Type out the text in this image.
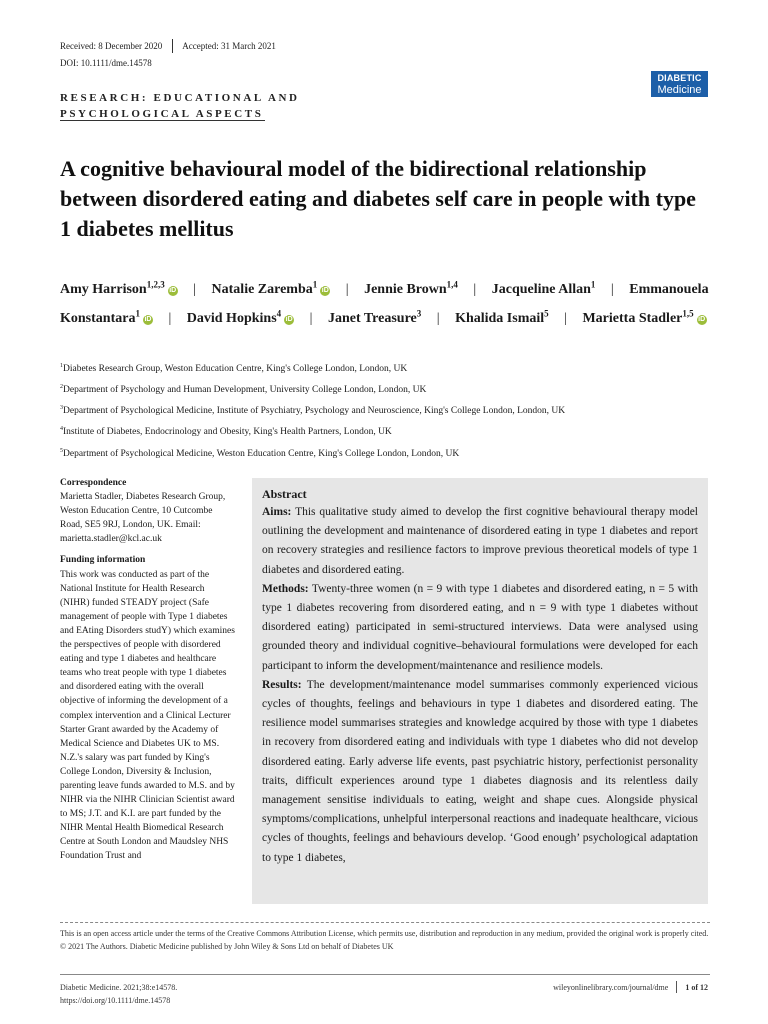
Received: 8 December 2020 Accepted: 31 March 2021
DOI: 10.1111/dme.14578
RESEARCH: EDUCATIONAL AND
PSYCHOLOGICAL ASPECTS
DIABETIC
Medicine
A cognitive behavioural model of the bidirectional relationship between disordered eating and diabetes self care in people with type 1 diabetes mellitus
Amy Harrison$^{1,2,3}$iD | Natalie Zaremba$^1$iD | Jennie Brown$^{1,4}$ | Jacqueline Allan$^1$ | Emmanouela Konstantara$^1$iD | David Hopkins$^4$iD | Janet Treasure$^3$ | Khalida Ismail$^5$ | Marietta Stadler$^{1,5}$iD
$^1$Diabetes Research Group, Weston Education Centre, King's College London, London, UK
$^2$Department of Psychology and Human Development, University College London, London, UK
$^3$Department of Psychological Medicine, Institute of Psychiatry, Psychology and Neuroscience, King's College London, London, UK
$^4$Institute of Diabetes, Endocrinology and Obesity, King's Health Partners, London, UK
$^5$Department of Psychological Medicine, Weston Education Centre, King's College London, London, UK
Correspondence

Marietta Stadler, Diabetes Research Group, Weston Education Centre, 10 Cutcombe Road, SE5 9RJ, London, UK. Email: marietta.stadler@kcl.ac.uk

Funding information

This work was conducted as part of the National Institute for Health Research (NIHR) funded STEADY project (Safe management of people with Type 1 diabetes and EAting Disorders studY) which examines the perspectives of people with disordered eating and type 1 diabetes and healthcare teams who treat people with type 1 diabetes and disordered eating with the overall objective of informing the development of a complex intervention and a Clinical Lecturer Starter Grant awarded by the Academy of Medical Science and Diabetes UK to MS. N.Z.'s salary was part funded by King's College London, Diversity & Inclusion, parenting leave funds awarded to M.S. and by NIHR via the NIHR Clinician Scientist award to MS; J.T. and K.I. are part funded by the NIHR Mental Health Biomedical Research Centre at South London and Maudsley NHS Foundation Trust and

Abstract

Aims: This qualitative study aimed to develop the first cognitive behavioural therapy model outlining the development and maintenance of disordered eating in type 1 diabetes and report on recovery strategies and resilience factors to improve previous theoretical models of type 1 diabetes and disordered eating.

Methods: Twenty-three women (n = 9 with type 1 diabetes and disordered eating, n = 5 with type 1 diabetes recovering from disordered eating, and n = 9 with type 1 diabetes without disordered eating) participated in semi-structured interviews. Data were analysed using grounded theory and individual cognitive–behavioural formulations were developed for each participant to inform the development/maintenance and resilience models.

Results: The development/maintenance model summarises commonly experienced vicious cycles of thoughts, feelings and behaviours in type 1 diabetes and disordered eating. The resilience model summarises strategies and knowledge acquired by those with type 1 diabetes in recovery from disordered eating and individuals with type 1 diabetes who did not develop disordered eating. Early adverse life events, past psychiatric history, perfectionist personality traits, difficult experiences around type 1 diabetes diagnosis and its relentless daily management sensitise individuals to eating, weight and shape cues. Alongside physical symptoms/complications, unhelpful interpersonal reactions and inadequate healthcare, vicious cycles of thoughts, feelings and behaviours develop. ‘Good enough’ psychological adaptation to type 1 diabetes,

This is an open access article under the terms of the Creative Commons Attribution License, which permits use, distribution and reproduction in any medium, provided the original work is properly cited.
© 2021 The Authors. Diabetic Medicine published by John Wiley & Sons Ltd on behalf of Diabetes UK
Diabetic Medicine. 2021;38:e14578.
https://doi.org/10.1111/dme.14578
wileyonlinelibrary.com/journal/dme 1 of 12
